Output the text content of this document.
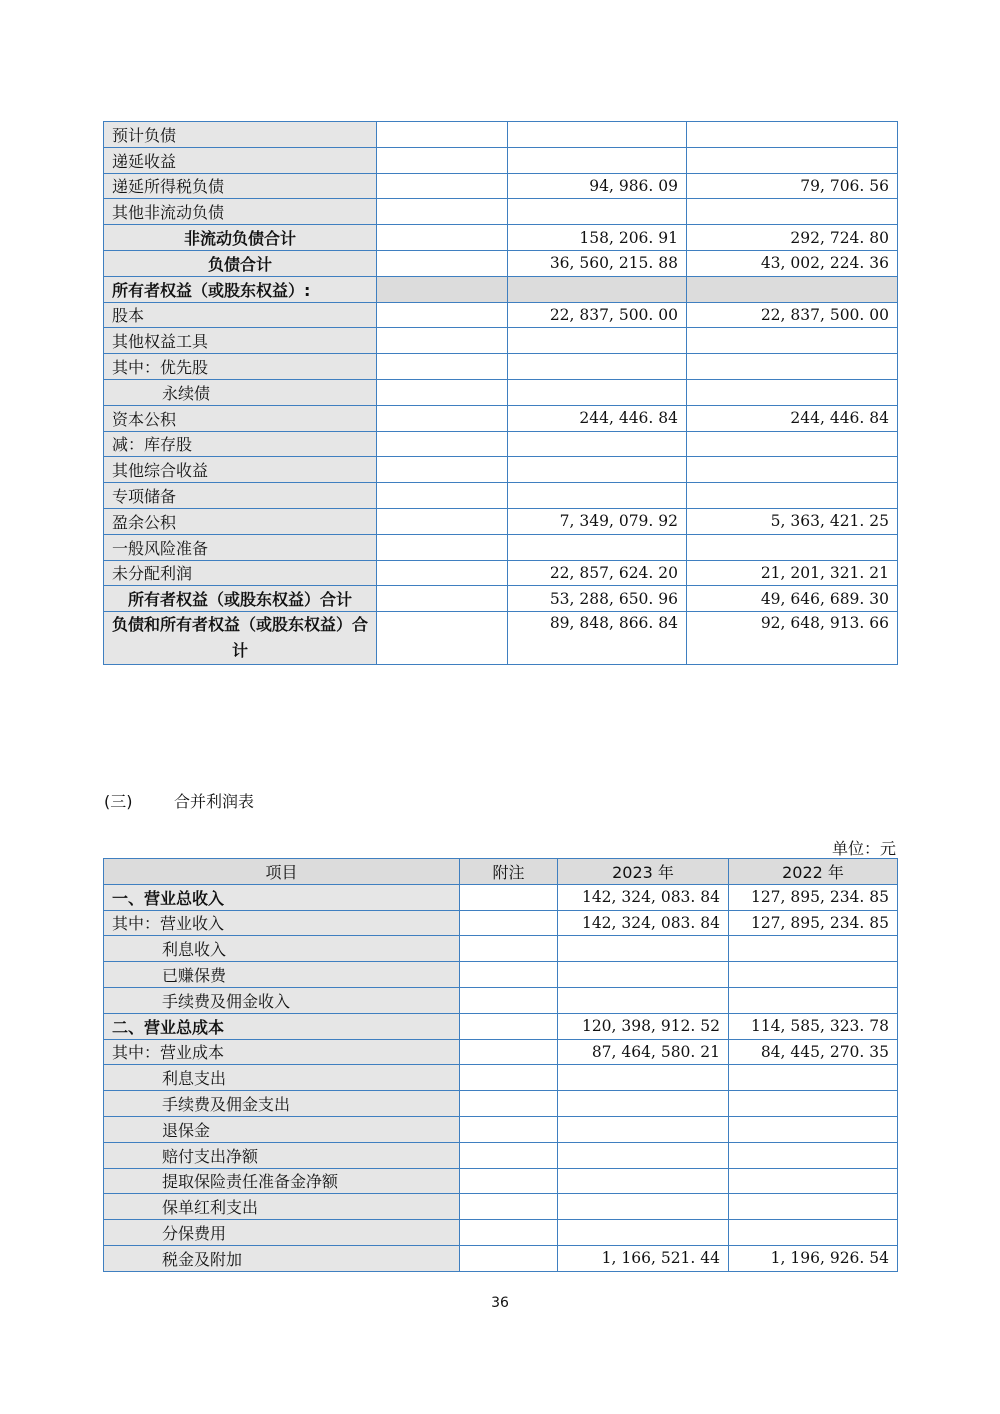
预计负债			
递延收益			
递延所得税负债		94, 986. 09	79, 706. 56
其他非流动负债			
非流动负债合计		158, 206. 91	292, 724. 80
负债合计		36, 560, 215. 88	43, 002, 224. 36
所有者权益（或股东权益）:			
股本		22, 837, 500. 00	22, 837, 500. 00
其他权益工具			
其中：优先股			
永续债			
资本公积		244, 446. 84	244, 446. 84
减：库存股			
其他综合收益			
专项储备			
盈余公积		7, 349, 079. 92	5, 363, 421. 25
一般风险准备			
未分配利润		22, 857, 624. 20	21, 201, 321. 21
所有者权益（或股东权益）合计		53, 288, 650. 96	49, 646, 689. 30
负债和所有者权益（或股东权益）合计		89, 848, 866. 84	92, 648, 913. 66
(三)	合并利润表
单位：元
项目	附注	2023 年	2022 年
一、营业总收入		142, 324, 083. 84	127, 895, 234. 85
其中：营业收入		142, 324, 083. 84	127, 895, 234. 85
利息收入			
已赚保费			
手续费及佣金收入			
二、营业总成本		120, 398, 912. 52	114, 585, 323. 78
其中：营业成本		87, 464, 580. 21	84, 445, 270. 35
利息支出			
手续费及佣金支出			
退保金			
赔付支出净额			
提取保险责任准备金净额			
保单红利支出			
分保费用			
税金及附加		1, 166, 521. 44	1, 196, 926. 54
36
